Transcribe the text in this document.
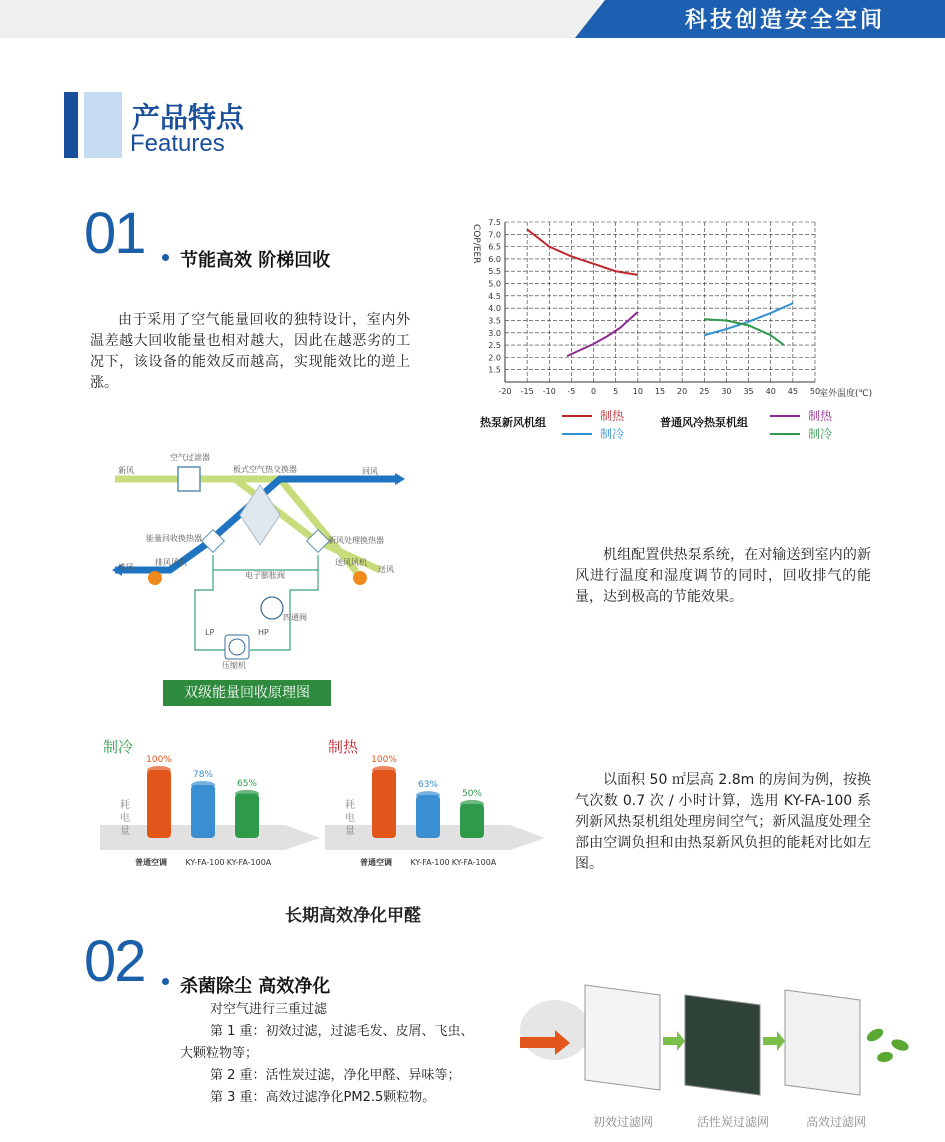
科技创造安全空间
产品特点
Features
01 节能高效 阶梯回收
由于采用了空气能量回收的独特设计，室内外温差越大回收能量也相对越大，因此在越恶劣的工况下，该设备的能效反而越高，实现能效比的逆上涨。
-20 -15 -10 -5 0 5 10 15 20 25 30 35 40 45 50
1.5
2.0
2.5
3.0
3.5
4.0
4.5
5.0
5.5
6.0
6.5
7.0
7.5
COP/EER
室外温度(℃)
热泵新风机组	制热
制冷
普通风冷热泵机组	制热
制冷
空气过滤器
板式空气热交换器
新风	回风
能量回收换热器	新风处理换热器
排风风机	送风风机
排风	送风
电子膨胀阀
四通阀
LP	HP
压缩机
双级能量回收原理图
机组配置供热泵系统，在对输送到室内的新风进行温度和湿度调节的同时，回收排气的能量，达到极高的节能效果。
制冷
耗
电
量
100%
普通空调
78%
KY-FA-100
65%
KY-FA-100A
制热
耗
电
量
100%
普通空调
63%
KY-FA-100
50%
KY-FA-100A
以面积 50 ㎡层高 2.8m 的房间为例，按换气次数 0.7 次 / 小时计算，选用 KY-FA-100 系列新风热泵机组处理房间空气；新风温度处理全部由空调负担和由热泵新风负担的能耗对比如左图。
长期高效净化甲醛
02 杀菌除尘 高效净化
对空气进行三重过滤
第 1 重：初效过滤，过滤毛发、皮屑、飞虫、
大颗粒物等；
第 2 重：活性炭过滤，净化甲醛、异味等；
第 3 重：高效过滤净化PM2.5颗粒物。
初效过滤网	活性炭过滤网	高效过滤网
